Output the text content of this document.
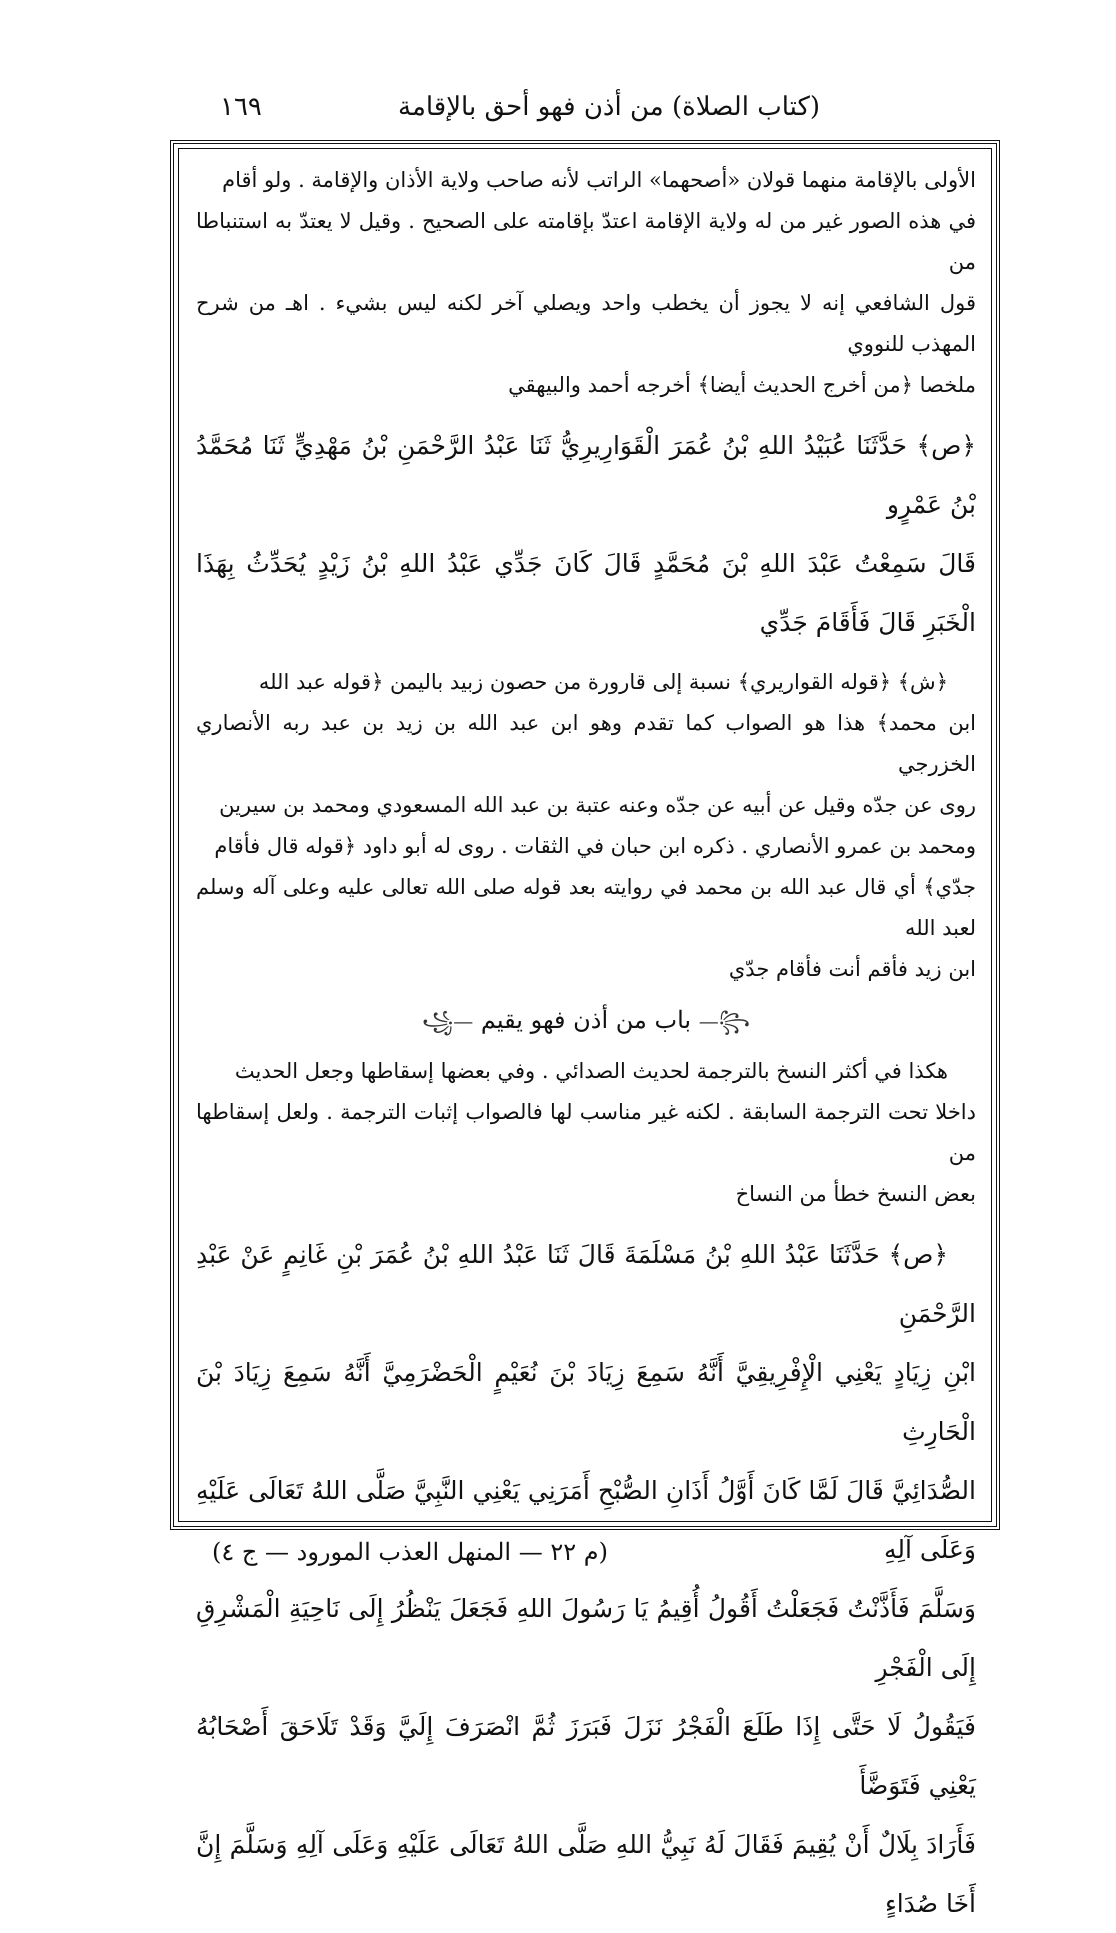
(كتاب الصلاة) من أذن فهو أحق بالإقامة
١٦٩

الأولى بالإقامة منهما قولان «أصحهما» الراتب لأنه صاحب ولاية الأذان والإقامة . ولو أقام

في هذه الصور غير من له ولاية الإقامة اعتدّ بإقامته على الصحيح . وقيل لا يعتدّ به استنباطا من

قول الشافعي إنه لا يجوز أن يخطب واحد ويصلي آخر لكنه ليس بشيء . اهـ من شرح المهذب للنووي

ملخصا ﴿من أخرج الحديث أيضا﴾ أخرجه أحمد والبيهقي

﴿ص﴾ حَدَّثَنَا عُبَيْدُ اللهِ بْنُ عُمَرَ الْقَوَارِيرِيُّ ثَنَا عَبْدُ الرَّحْمَنِ بْنُ مَهْدِيٍّ ثَنَا مُحَمَّدُ بْنُ عَمْرٍو

قَالَ سَمِعْتُ عَبْدَ اللهِ بْنَ مُحَمَّدٍ قَالَ كَانَ جَدِّي عَبْدُ اللهِ بْنُ زَيْدٍ يُحَدِّثُ بِهَذَا الْخَبَرِ قَالَ فَأَقَامَ جَدِّي

﴿ش﴾ ﴿قوله القواريري﴾ نسبة إلى قارورة من حصون زبيد باليمن ﴿قوله عبد الله

ابن محمد﴾ هذا هو الصواب كما تقدم وهو ابن عبد الله بن زيد بن عبد ربه الأنصاري الخزرجي

روى عن جدّه وقيل عن أبيه عن جدّه وعنه عتبة بن عبد الله المسعودي ومحمد بن سيرين

ومحمد بن عمرو الأنصاري . ذكره ابن حبان في الثقات . روى له أبو داود ﴿قوله قال فأقام

جدّي﴾ أي قال عبد الله بن محمد في روايته بعد قوله صلى الله تعالى عليه وعلى آله وسلم لعبد الله

ابن زيد فأقم أنت فأقام جدّي

꧂— باب من أذن فهو يقيم —꧁

هكذا في أكثر النسخ بالترجمة لحديث الصدائي . وفي بعضها إسقاطها وجعل الحديث

داخلا تحت الترجمة السابقة . لكنه غير مناسب لها فالصواب إثبات الترجمة . ولعل إسقاطها من

بعض النسخ خطأ من النساخ

﴿ص﴾ حَدَّثَنَا عَبْدُ اللهِ بْنُ مَسْلَمَةَ قَالَ ثَنَا عَبْدُ اللهِ بْنُ عُمَرَ بْنِ غَانِمٍ عَنْ عَبْدِ الرَّحْمَنِ

ابْنِ زِيَادٍ يَعْنِي الْإِفْرِيقِيَّ أَنَّهُ سَمِعَ زِيَادَ بْنَ نُعَيْمٍ الْحَضْرَمِيَّ أَنَّهُ سَمِعَ زِيَادَ بْنَ الْحَارِثِ

الصُّدَائِيَّ قَالَ لَمَّا كَانَ أَوَّلُ أَذَانِ الصُّبْحِ أَمَرَنِي يَعْنِي النَّبِيَّ صَلَّى اللهُ تَعَالَى عَلَيْهِ وَعَلَى آلِهِ

وَسَلَّمَ فَأَذَّنْتُ فَجَعَلْتُ أَقُولُ أُقِيمُ يَا رَسُولَ اللهِ فَجَعَلَ يَنْظُرُ إِلَى نَاحِيَةِ الْمَشْرِقِ إِلَى الْفَجْرِ

فَيَقُولُ لَا حَتَّى إِذَا طَلَعَ الْفَجْرُ نَزَلَ فَبَرَزَ ثُمَّ انْصَرَفَ إِلَيَّ وَقَدْ تَلَاحَقَ أَصْحَابُهُ يَعْنِي فَتَوَضَّأَ

فَأَرَادَ بِلَالٌ أَنْ يُقِيمَ فَقَالَ لَهُ نَبِيُّ اللهِ صَلَّى اللهُ تَعَالَى عَلَيْهِ وَعَلَى آلِهِ وَسَلَّمَ إِنَّ أَخَا صُدَاءٍ

(م ٢٢ — المنهل العذب المورود — ج ٤)
